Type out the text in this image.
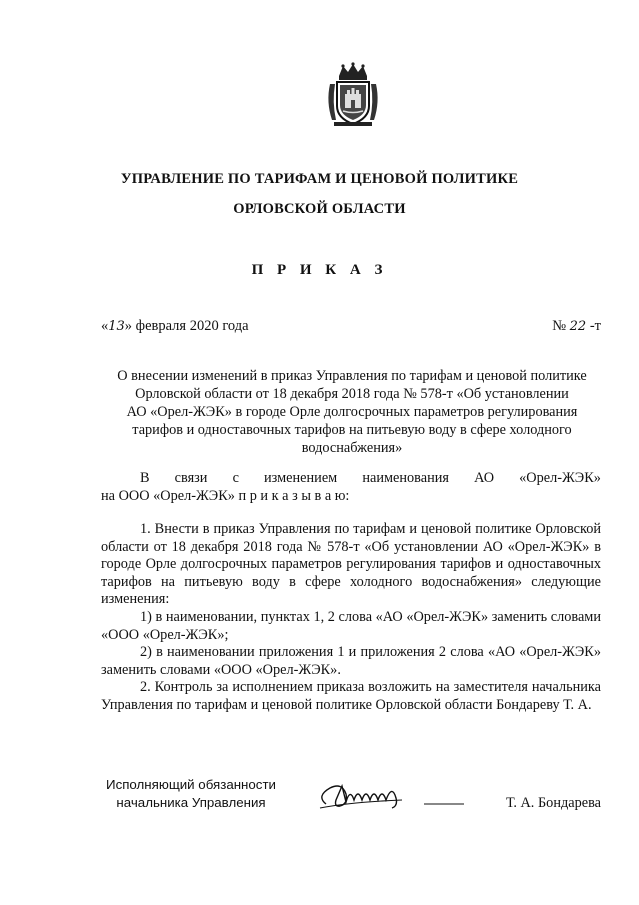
УПРАВЛЕНИЕ ПО ТАРИФАМ И ЦЕНОВОЙ ПОЛИТИКЕ
ОРЛОВСКОЙ ОБЛАСТИ
П Р И К А З
«13» февраля 2020 года	№ 22 -т
О внесении изменений в приказ Управления по тарифам и ценовой политике
Орловской области от 18 декабря 2018 года № 578-т «Об установлении
АО «Орел-ЖЭК» в городе Орле долгосрочных параметров регулирования
тарифов и одноставочных тарифов на питьевую воду в сфере холодного
водоснабжения»
В связи с изменением наименования АО «Орел-ЖЭК»
на ООО «Орел-ЖЭК» п р и к а з ы в а ю:
1. Внести в приказ Управления по тарифам и ценовой политике Орловской области от 18 декабря 2018 года № 578-т «Об установлении АО «Орел-ЖЭК» в городе Орле долгосрочных параметров регулирования тарифов и одноставочных тарифов на питьевую воду в сфере холодного водоснабжения» следующие изменения:
1) в наименовании, пунктах 1, 2 слова «АО «Орел-ЖЭК» заменить словами «ООО «Орел-ЖЭК»;
2) в наименовании приложения 1 и приложения 2 слова «АО «Орел-ЖЭК» заменить словами «ООО «Орел-ЖЭК».
2. Контроль за исполнением приказа возложить на заместителя начальника Управления по тарифам и ценовой политике Орловской области Бондареву Т. А.
Исполняющий обязанности
начальника Управления	Т. А. Бондарева
